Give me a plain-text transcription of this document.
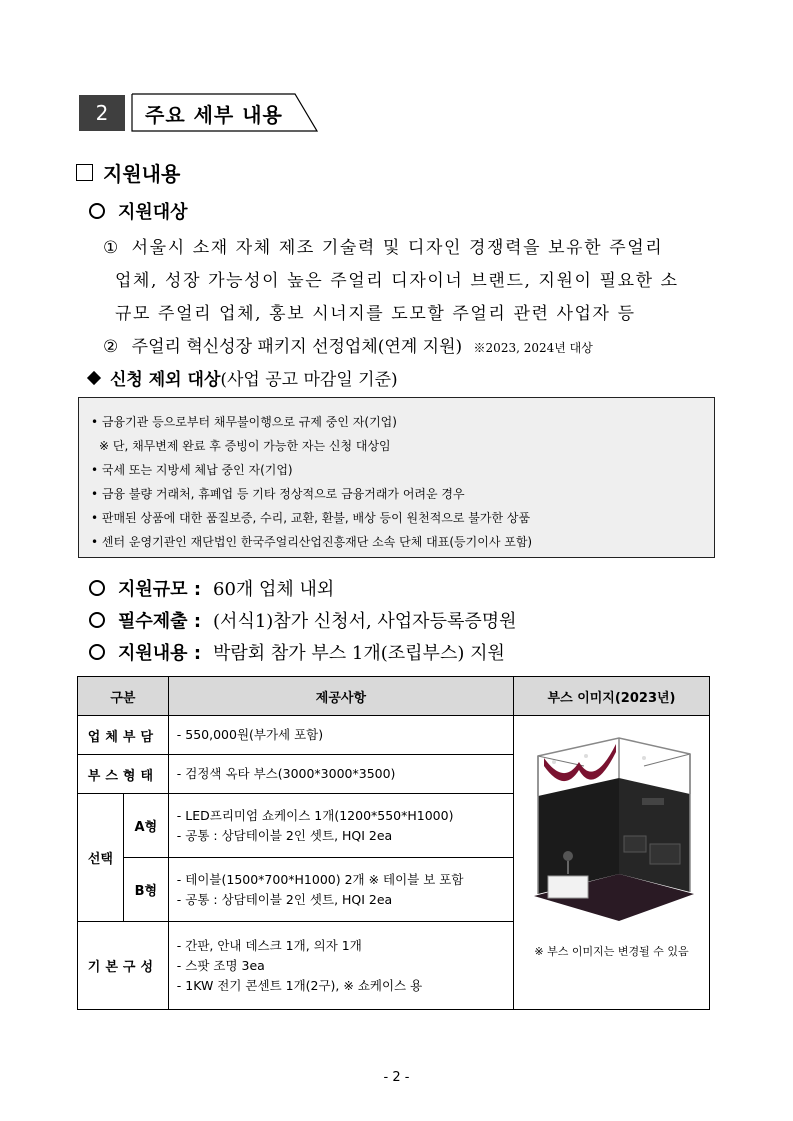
2	주요 세부 내용
지원내용
지원대상
① 서울시 소재 자체 제조 기술력 및 디자인 경쟁력을 보유한 주얼리
업체, 성장 가능성이 높은 주얼리 디자이너 브랜드, 지원이 필요한 소
규모 주얼리 업체, 홍보 시너지를 도모할 주얼리 관련 사업자 등
② 주얼리 혁신성장 패키지 선정업체(연계 지원) ※2023, 2024년 대상
신청 제외 대상 (사업 공고 마감일 기준)
• 금융기관 등으로부터 채무불이행으로 규제 중인 자(기업)
※ 단, 채무변제 완료 후 증빙이 가능한 자는 신청 대상임
• 국세 또는 지방세 체납 중인 자(기업)
• 금융 불량 거래처, 휴폐업 등 기타 정상적으로 금융거래가 어려운 경우
• 판매된 상품에 대한 품질보증, 수리, 교환, 환불, 배상 등이 원천적으로 불가한 상품
• 센터 운영기관인 재단법인 한국주얼리산업진흥재단 소속 단체 대표(등기이사 포함)
지원규모 : 60개 업체 내외
필수제출 : (서식1)참가 신청서, 사업자등록증명원
지원내용 : 박람회 참가 부스 1개(조립부스) 지원
구분		제공사항	부스 이미지(2023년)
업체부담		- 550,000원(부가세 포함)	※ 부스 이미지는 변경될 수 있음

부스형태		- 검정색 옥타 부스(3000*3000*3500)	
선택	A형	- LED프리미엄 쇼케이스 1개(1200*550*H1000)
- 공통 : 상담테이블 2인 셋트, HQI 2ea	

	B형	- 테이블(1500*700*H1000) 2개 ※ 테이블 보 포함
- 공통 : 상담테이블 2인 셋트, HQI 2ea	

기본구성		- 간판, 안내 데스크 1개, 의자 1개
- 스팟 조명 3ea
- 1KW 전기 콘센트 1개(2구), ※ 쇼케이스 용	
- 2 -
